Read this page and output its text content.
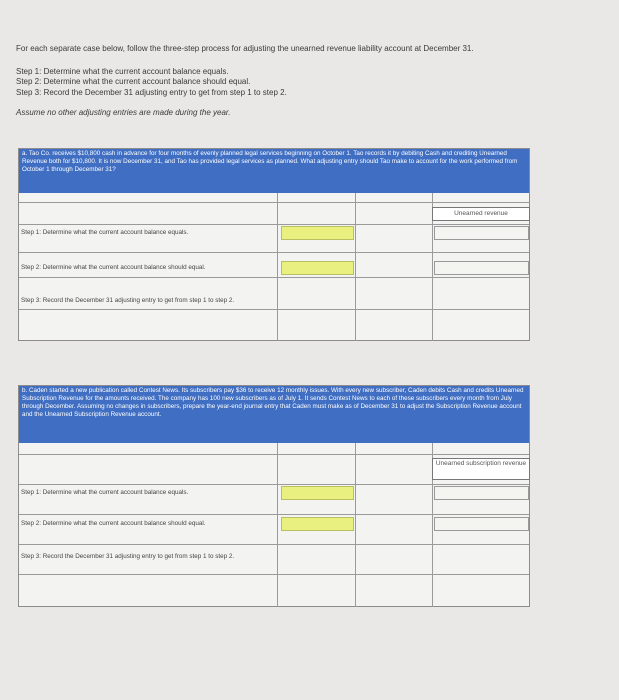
For each separate case below, follow the three-step process for adjusting the unearned revenue liability account at December 31.

Step 1: Determine what the current account balance equals.

Step 2: Determine what the current account balance should equal.

Step 3: Record the December 31 adjusting entry to get from step 1 to step 2.

Assume no other adjusting entries are made during the year.

a. Tao Co. receives $10,800 cash in advance for four months of evenly planned legal services beginning on October 1. Tao records it by debiting Cash and crediting Unearned Revenue both for $10,800. It is now December 31, and Tao has provided legal services as planned. What adjusting entry should Tao make to account for the work performed from October 1 through December 31?
Unearned revenue
Step 1: Determine what the current account balance equals.
Step 2: Determine what the current account balance should equal.
Step 3: Record the December 31 adjusting entry to get from step 1 to step 2.
b. Caden started a new publication called Contest News. Its subscribers pay $36 to receive 12 monthly issues. With every new subscriber, Caden debits Cash and credits Unearned Subscription Revenue for the amounts received. The company has 100 new subscribers as of July 1. It sends Contest News to each of these subscribers every month from July through December. Assuming no changes in subscribers, prepare the year-end journal entry that Caden must make as of December 31 to adjust the Subscription Revenue account and the Unearned Subscription Revenue account.
Unearned subscription revenue
Step 1: Determine what the current account balance equals.
Step 2: Determine what the current account balance should equal.
Step 3: Record the December 31 adjusting entry to get from step 1 to step 2.
